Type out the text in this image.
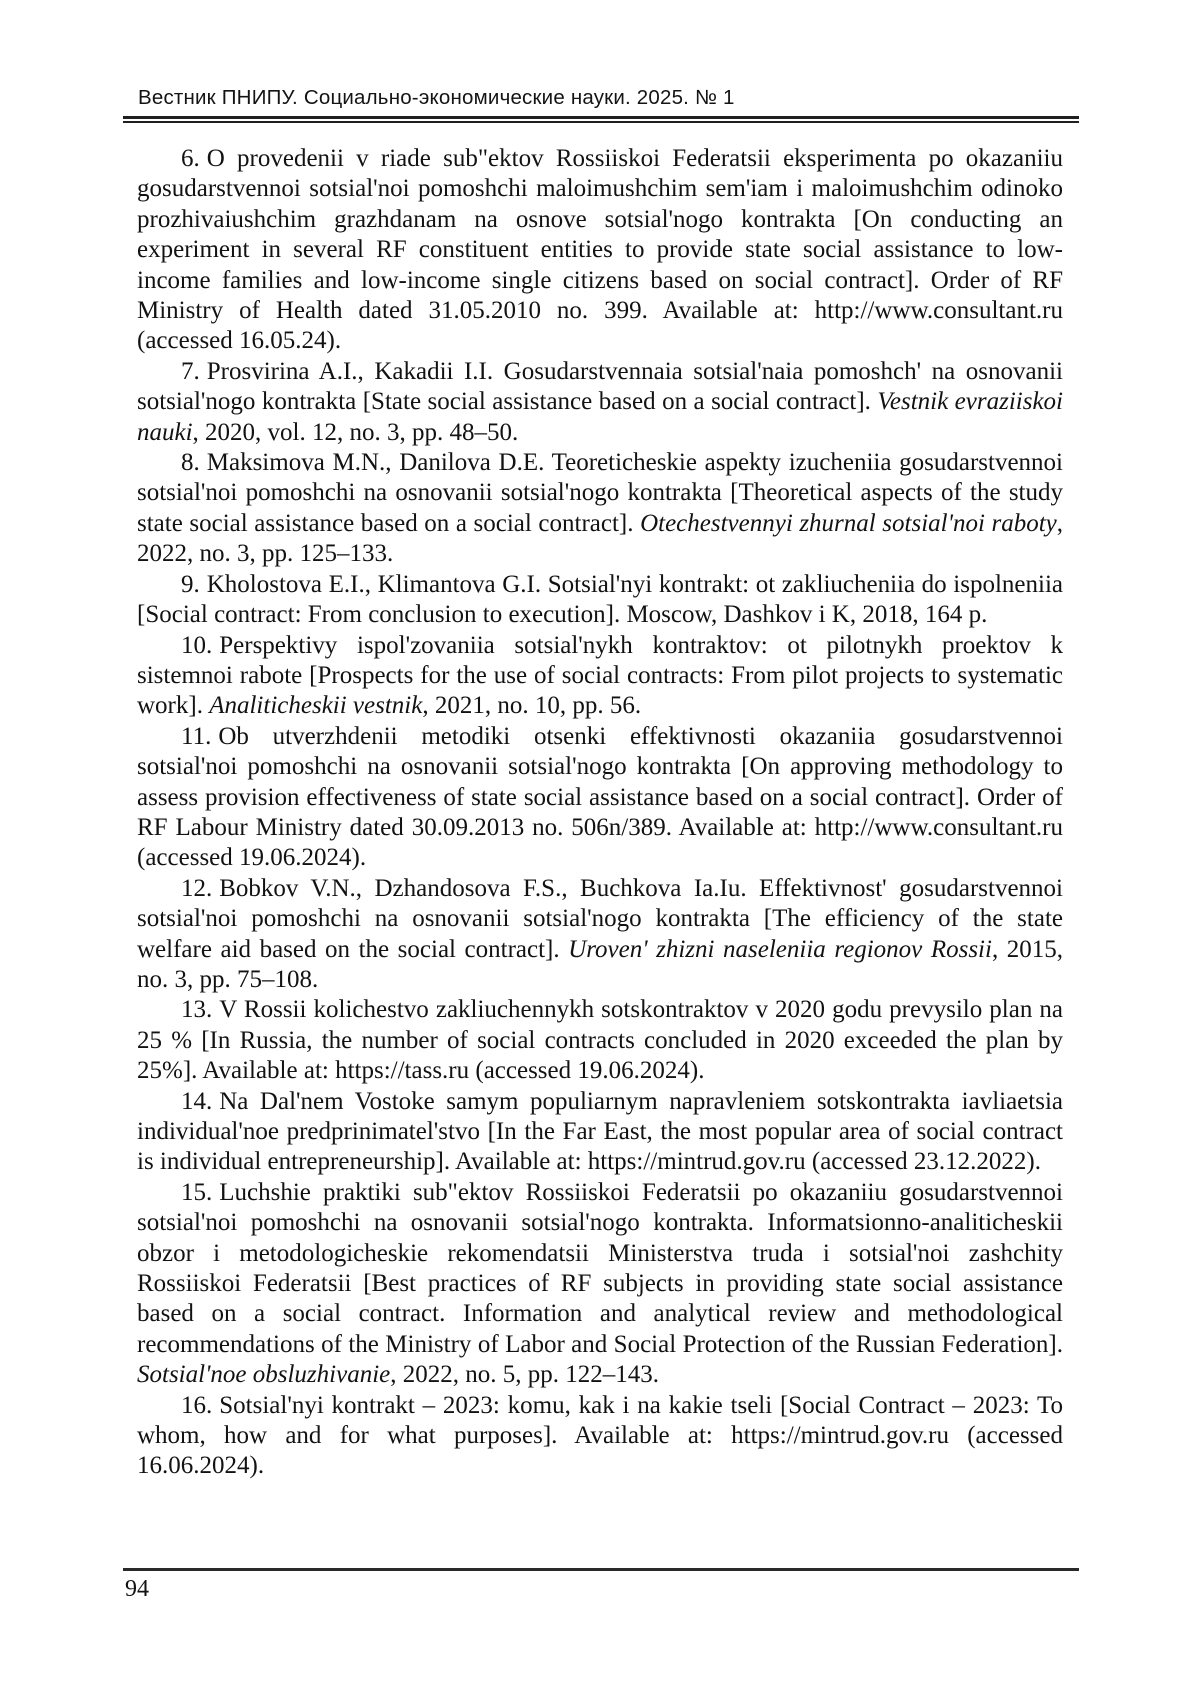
Вестник ПНИПУ. Социально-экономические науки. 2025. № 1

6. O provedenii v riade sub"ektov Rossiiskoi Federatsii eksperimenta po okazaniiu gosudarstvennoi sotsial'noi pomoshchi maloimushchim sem'iam i maloimushchim odinoko prozhivaiushchim grazhdanam na osnove sotsial'nogo kontrakta [On conducting an experiment in several RF constituent entities to provide state social assistance to low-income families and low-income single citizens based on social contract]. Order of RF Ministry of Health dated 31.05.2010 no. 399. Available at: http://www.consultant.ru (accessed 16.05.24).

7. Prosvirina A.I., Kakadii I.I. Gosudarstvennaia sotsial'naia pomoshch' na osnovanii sotsial'nogo kontrakta [State social assistance based on a social contract]. Vestnik evraziiskoi nauki, 2020, vol. 12, no. 3, pp. 48–50.

8. Maksimova M.N., Danilova D.E. Teoreticheskie aspekty izucheniia gosudarstvennoi sotsial'noi pomoshchi na osnovanii sotsial'nogo kontrakta [Theoretical aspects of the study state social assistance based on a social contract]. Otechestvennyi zhurnal sotsial'noi raboty, 2022, no. 3, pp. 125–133.

9. Kholostova E.I., Klimantova G.I. Sotsial'nyi kontrakt: ot zakliucheniia do ispolneniia [Social contract: From conclusion to execution]. Moscow, Dashkov i K, 2018, 164 p.

10. Perspektivy ispol'zovaniia sotsial'nykh kontraktov: ot pilotnykh proektov k sistemnoi rabote [Prospects for the use of social contracts: From pilot projects to systematic work]. Analiticheskii vestnik, 2021, no. 10, pp. 56.

11. Ob utverzhdenii metodiki otsenki effektivnosti okazaniia gosudarstvennoi sotsial'noi pomoshchi na osnovanii sotsial'nogo kontrakta [On approving methodology to assess provision effectiveness of state social assistance based on a social contract]. Order of RF Labour Ministry dated 30.09.2013 no. 506n/389. Available at: http://www.consultant.ru (accessed 19.06.2024).

12. Bobkov V.N., Dzhandosova F.S., Buchkova Ia.Iu. Effektivnost' gosudarstvennoi sotsial'noi pomoshchi na osnovanii sotsial'nogo kontrakta [The efficiency of the state welfare aid based on the social contract]. Uroven' zhizni naseleniia regionov Rossii, 2015, no. 3, pp. 75–108.

13. V Rossii kolichestvo zakliuchennykh sotskontraktov v 2020 godu prevysilo plan na 25 % [In Russia, the number of social contracts concluded in 2020 exceeded the plan by 25%]. Available at: https://tass.ru (accessed 19.06.2024).

14. Na Dal'nem Vostoke samym populiarnym napravleniem sotskontrakta iavliaetsia individual'noe predprinimatel'stvo [In the Far East, the most popular area of social contract is individual entrepreneurship]. Available at: https://mintrud.gov.ru (accessed 23.12.2022).

15. Luchshie praktiki sub"ektov Rossiiskoi Federatsii po okazaniiu gosudarstvennoi sotsial'noi pomoshchi na osnovanii sotsial'nogo kontrakta. Informatsionno-analiticheskii obzor i metodologicheskie rekomendatsii Ministerstva truda i sotsial'noi zashchity Rossiiskoi Federatsii [Best practices of RF subjects in providing state social assistance based on a social contract. Information and analytical review and methodological recommendations of the Ministry of Labor and Social Protection of the Russian Federation]. Sotsial'noe obsluzhivanie, 2022, no. 5, pp. 122–143.

16. Sotsial'nyi kontrakt – 2023: komu, kak i na kakie tseli [Social Contract – 2023: To whom, how and for what purposes]. Available at: https://mintrud.gov.ru (accessed 16.06.2024).

94
